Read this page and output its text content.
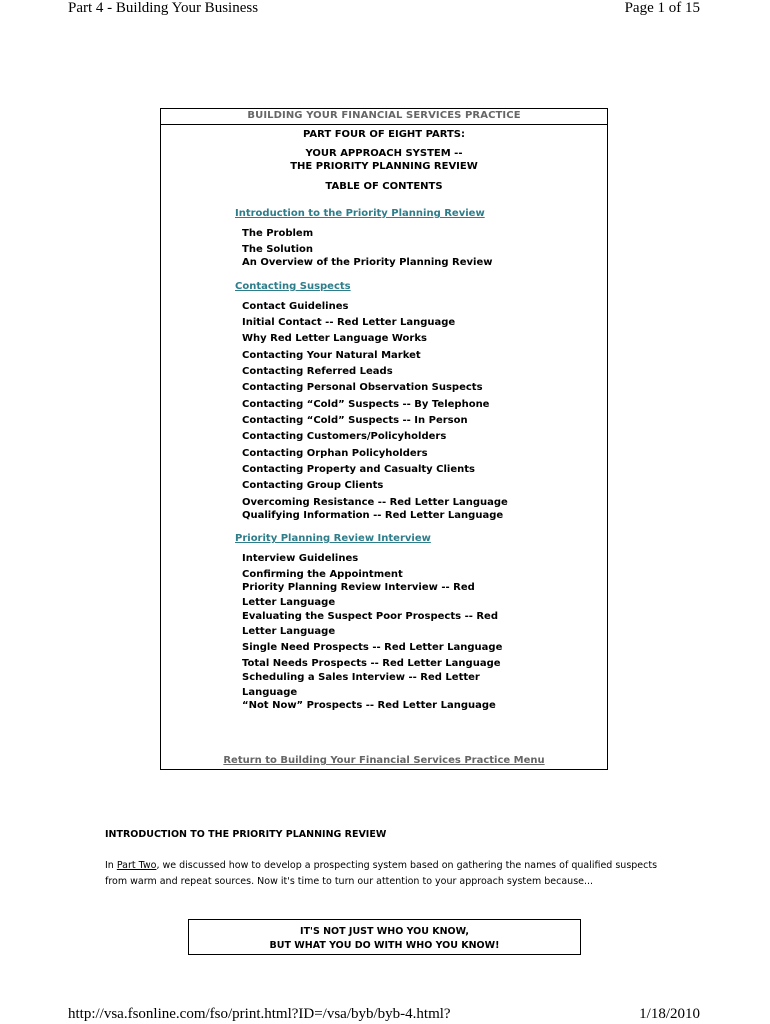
Part 4 - Building Your Business	Page 1 of 15
BUILDING YOUR FINANCIAL SERVICES PRACTICE
PART FOUR OF EIGHT PARTS:
YOUR APPROACH SYSTEM --
THE PRIORITY PLANNING REVIEW
TABLE OF CONTENTS
Introduction to the Priority Planning Review
The Problem
The Solution
An Overview of the Priority Planning Review
Contacting Suspects
Contact Guidelines
Initial Contact -- Red Letter Language
Why Red Letter Language Works
Contacting Your Natural Market
Contacting Referred Leads
Contacting Personal Observation Suspects
Contacting “Cold” Suspects -- By Telephone
Contacting “Cold” Suspects -- In Person
Contacting Customers/Policyholders
Contacting Orphan Policyholders
Contacting Property and Casualty Clients
Contacting Group Clients
Overcoming Resistance -- Red Letter Language
Qualifying Information -- Red Letter Language
Priority Planning Review Interview
Interview Guidelines
Confirming the Appointment
Priority Planning Review Interview -- Red Letter Language
Evaluating the Suspect Poor Prospects -- Red Letter Language
Single Need Prospects -- Red Letter Language
Total Needs Prospects -- Red Letter Language
Scheduling a Sales Interview -- Red Letter Language
“Not Now” Prospects -- Red Letter Language
Return to Building Your Financial Services Practice Menu
INTRODUCTION TO THE PRIORITY PLANNING REVIEW
In Part Two, we discussed how to develop a prospecting system based on gathering the names of qualified suspects from warm and repeat sources. Now it's time to turn our attention to your approach system because...
IT'S NOT JUST WHO YOU KNOW,
BUT WHAT YOU DO WITH WHO YOU KNOW!
http://vsa.fsonline.com/fso/print.html?ID=/vsa/byb/byb-4.html?	1/18/2010
